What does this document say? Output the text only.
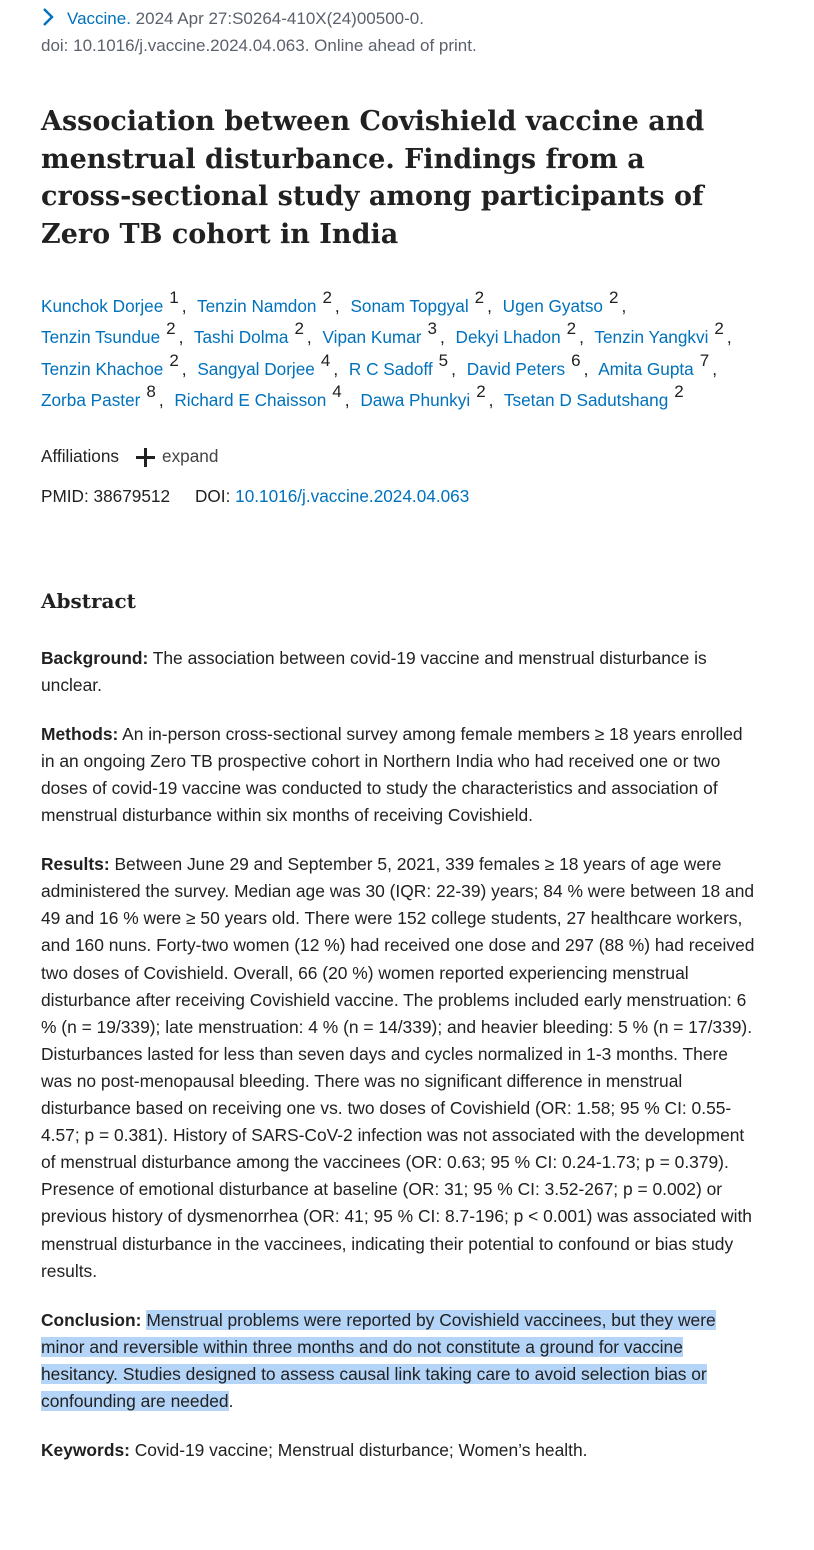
Vaccine. 2024 Apr 27:S0264-410X(24)00500-0.
doi: 10.1016/j.vaccine.2024.04.063. Online ahead of print.
Association between Covishield vaccine and menstrual disturbance. Findings from a cross-sectional study among participants of Zero TB cohort in India
Kunchok Dorjee 1 , Tenzin Namdon 2 , Sonam Topgyal 2 , Ugen Gyatso 2 , Tenzin Tsundue 2 , Tashi Dolma 2 , Vipan Kumar 3 , Dekyi Lhadon 2 , Tenzin Yangkvi 2 , Tenzin Khachoe 2 , Sangyal Dorjee 4 , R C Sadoff 5 , David Peters 6 , Amita Gupta 7 , Zorba Paster 8 , Richard E Chaisson 4 , Dawa Phunkyi 2 , Tsetan D Sadutshang 2
Affiliations	expand
PMID: 38679512 DOI: 10.1016/j.vaccine.2024.04.063
Abstract

Background: The association between covid-19 vaccine and menstrual disturbance is unclear.

Methods: An in-person cross-sectional survey among female members ≥ 18 years enrolled in an ongoing Zero TB prospective cohort in Northern India who had received one or two doses of covid-19 vaccine was conducted to study the characteristics and association of menstrual disturbance within six months of receiving Covishield.

Results: Between June 29 and September 5, 2021, 339 females ≥ 18 years of age were administered the survey. Median age was 30 (IQR: 22-39) years; 84 % were between 18 and 49 and 16 % were ≥ 50 years old. There were 152 college students, 27 healthcare workers, and 160 nuns. Forty-two women (12 %) had received one dose and 297 (88 %) had received two doses of Covishield. Overall, 66 (20 %) women reported experiencing menstrual disturbance after receiving Covishield vaccine. The problems included early menstruation: 6 % (n = 19/339); late menstruation: 4 % (n = 14/339); and heavier bleeding: 5 % (n = 17/339). Disturbances lasted for less than seven days and cycles normalized in 1-3 months. There was no post-menopausal bleeding. There was no significant difference in menstrual disturbance based on receiving one vs. two doses of Covishield (OR: 1.58; 95 % CI: 0.55-4.57; p = 0.381). History of SARS-CoV-2 infection was not associated with the development of menstrual disturbance among the vaccinees (OR: 0.63; 95 % CI: 0.24-1.73; p = 0.379). Presence of emotional disturbance at baseline (OR: 31; 95 % CI: 3.52-267; p = 0.002) or previous history of dysmenorrhea (OR: 41; 95 % CI: 8.7-196; p < 0.001) was associated with menstrual disturbance in the vaccinees, indicating their potential to confound or bias study results.

Conclusion: Menstrual problems were reported by Covishield vaccinees, but they were minor and reversible within three months and do not constitute a ground for vaccine hesitancy. Studies designed to assess causal link taking care to avoid selection bias or confounding are needed.

Keywords: Covid-19 vaccine; Menstrual disturbance; Women’s health.
